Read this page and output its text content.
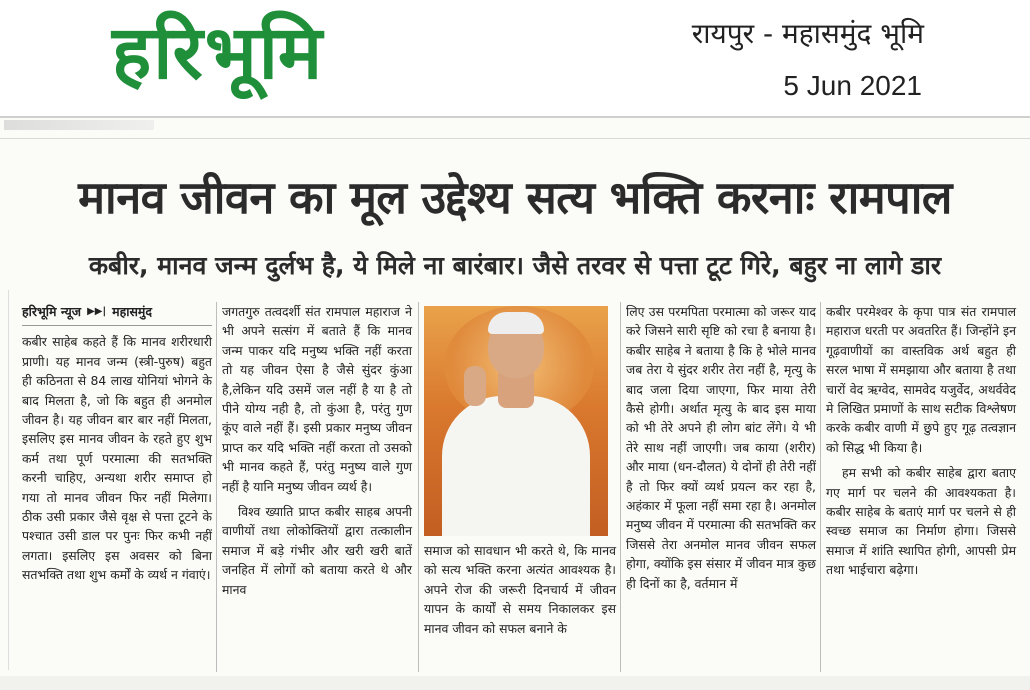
हरिभूमि	रायपुर - महासमुंद भूमि
5 Jun 2021
मानव जीवन का मूल उद्देश्य सत्य भक्ति करनाः रामपाल
कबीर, मानव जन्म दुर्लभ है, ये मिले ना बारंबार। जैसे तरवर से पत्ता टूट गिरे, बहुर ना लागे डार
हरिभूमि न्यूज ▶▶| महासमुंद

कबीर साहेब कहते हैं कि मानव शरीरधारी प्राणी। यह मानव जन्म (स्त्री-पुरुष) बहुत ही कठिनता से 84 लाख योनियां भोगने के बाद मिलता है, जो कि बहुत ही अनमोल जीवन है। यह जीवन बार बार नहीं मिलता, इसलिए इस मानव जीवन के रहते हुए शुभ कर्म तथा पूर्ण परमात्मा की सतभक्ति करनी चाहिए, अन्यथा शरीर समाप्त हो गया तो मानव जीवन फिर नहीं मिलेगा। ठीक उसी प्रकार जैसे वृक्ष से पत्ता टूटने के पश्चात उसी डाल पर पुनः फिर कभी नहीं लगता। इसलिए इस अवसर को बिना सतभक्ति तथा शुभ कर्मों के व्यर्थ न गंवाएं।

जगतगुरु तत्वदर्शी संत रामपाल महाराज ने भी अपने सत्संग में बताते हैं कि मानव जन्म पाकर यदि मनुष्य भक्ति नहीं करता तो यह जीवन ऐसा है जैसे सुंदर कुंआ है,लेकिन यदि उसमें जल नहीं है या है तो पीने योग्य नही है, तो कुंआ है, परंतु गुण कूंए वाले नहीं हैं। इसी प्रकार मनुष्य जीवन प्राप्त कर यदि भक्ति नहीं करता तो उसको भी मानव कहते हैं, परंतु मनुष्य वाले गुण नहीं है यानि मनुष्य जीवन व्यर्थ है।

विश्व ख्याति प्राप्त कबीर साहब अपनी वाणीयों तथा लोकोक्तियों द्वारा तत्कालीन समाज में बड़े गंभीर और खरी खरी बातें जनहित में लोगों को बताया करते थे और मानव

समाज को सावधान भी करते थे, कि मानव को सत्य भक्ति करना अत्यंत आवश्यक है। अपने रोज की जरूरी दिनचार्य में जीवन यापन के कार्यों से समय निकालकर इस मानव जीवन को सफल बनाने के

लिए उस परमपिता परमात्मा को जरूर याद करे जिसने सारी सृष्टि को रचा है बनाया है। कबीर साहेब ने बताया है कि हे भोले मानव जब तेरा ये सुंदर शरीर तेरा नहीं है, मृत्यु के बाद जला दिया जाएगा, फिर माया तेरी कैसे होगी। अर्थात मृत्यु के बाद इस माया को भी तेरे अपने ही लोग बांट लेंगे। ये भी तेरे साथ नहीं जाएगी। जब काया (शरीर) और माया (धन-दौलत) ये दोनों ही तेरी नहीं है तो फिर क्यों व्यर्थ प्रयत्न कर रहा है, अहंकार में फूला नहीं समा रहा है। अनमोल मनुष्य जीवन में परमात्मा की सतभक्ति कर जिससे तेरा अनमोल मानव जीवन सफल होगा, क्योंकि इस संसार में जीवन मात्र कुछ ही दिनों का है, वर्तमान में

कबीर परमेश्वर के कृपा पात्र संत रामपाल महाराज धरती पर अवतरित हैं। जिन्होंने इन गूढ़वाणीयों का वास्तविक अर्थ बहुत ही सरल भाषा में समझाया और बताया है तथा चारों वेद ऋग्वेद, सामवेद यजुर्वेद, अथर्ववेद मे लिखित प्रमाणों के साथ सटीक विश्लेषण करके कबीर वाणी में छुपे हुए गूढ़ तत्वज्ञान को सिद्ध भी किया है।

हम सभी को कबीर साहेब द्वारा बताए गए मार्ग पर चलने की आवश्यकता है। कबीर साहेब के बताएं मार्ग पर चलने से ही स्वच्छ समाज का निर्माण होगा। जिससे समाज में शांति स्थापित होगी, आपसी प्रेम तथा भाईचारा बढ़ेगा।
